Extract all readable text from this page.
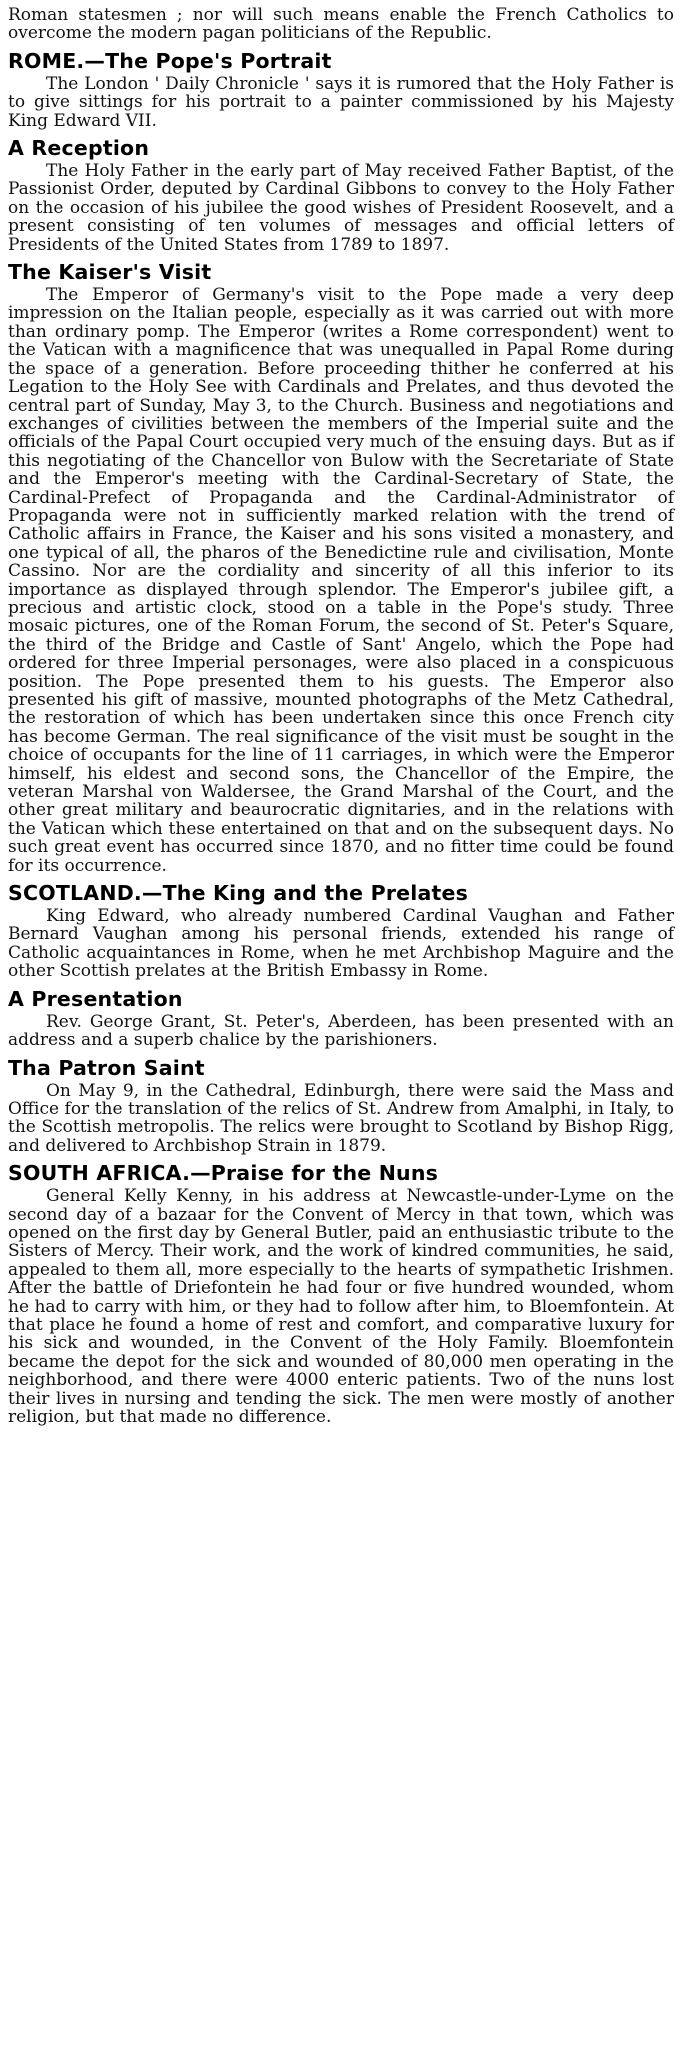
Roman statesmen ; nor will such means enable the French Catholics to overcome the modern pagan politicians of the Republic.

ROME.—The Pope's Portrait

The London ' Daily Chronicle ' says it is rumored that the Holy Father is to give sittings for his portrait to a painter commissioned by his Majesty King Edward VII.

A Reception

The Holy Father in the early part of May received Father Baptist, of the Passionist Order, deputed by Cardinal Gibbons to convey to the Holy Father on the occasion of his jubilee the good wishes of President Roosevelt, and a present consisting of ten volumes of messages and official letters of Presidents of the United States from 1789 to 1897.

The Kaiser's Visit

The Emperor of Germany's visit to the Pope made a very deep impression on the Italian people, especially as it was carried out with more than ordinary pomp. The Emperor (writes a Rome correspondent) went to the Vatican with a magnificence that was unequalled in Papal Rome during the space of a generation. Before proceeding thither he conferred at his Legation to the Holy See with Cardinals and Prelates, and thus devoted the central part of Sunday, May 3, to the Church. Business and negotiations and exchanges of civilities between the members of the Imperial suite and the officials of the Papal Court occupied very much of the ensuing days. But as if this negotiating of the Chancellor von Bulow with the Secretariate of State and the Emperor's meeting with the Cardinal-Secretary of State, the Cardinal-Prefect of Propaganda and the Cardinal-Administrator of Propaganda were not in sufficiently marked relation with the trend of Catholic affairs in France, the Kaiser and his sons visited a monastery, and one typical of all, the pharos of the Benedictine rule and civilisation, Monte Cassino. Nor are the cordiality and sincerity of all this inferior to its importance as displayed through splendor. The Emperor's jubilee gift, a precious and artistic clock, stood on a table in the Pope's study. Three mosaic pictures, one of the Roman Forum, the second of St. Peter's Square, the third of the Bridge and Castle of Sant' Angelo, which the Pope had ordered for three Imperial personages, were also placed in a conspicuous position. The Pope presented them to his guests. The Emperor also presented his gift of massive, mounted photographs of the Metz Cathedral, the restoration of which has been undertaken since this once French city has become German. The real significance of the visit must be sought in the choice of occupants for the line of 11 carriages, in which were the Emperor himself, his eldest and second sons, the Chancellor of the Empire, the veteran Marshal von Waldersee, the Grand Marshal of the Court, and the other great military and beaurocratic dignitaries, and in the relations with the Vatican which these entertained on that and on the subsequent days. No such great event has occurred since 1870, and no fitter time could be found for its occurrence.

SCOTLAND.—The King and the Prelates

King Edward, who already numbered Cardinal Vaughan and Father Bernard Vaughan among his personal friends, extended his range of Catholic acquaintances in Rome, when he met Archbishop Maguire and the other Scottish prelates at the British Embassy in Rome.

A Presentation

Rev. George Grant, St. Peter's, Aberdeen, has been presented with an address and a superb chalice by the parishioners.

Tha Patron Saint

On May 9, in the Cathedral, Edinburgh, there were said the Mass and Office for the translation of the relics of St. Andrew from Amalphi, in Italy, to the Scottish metropolis. The relics were brought to Scotland by Bishop Rigg, and delivered to Archbishop Strain in 1879.

SOUTH AFRICA.—Praise for the Nuns

General Kelly Kenny, in his address at Newcastle-under-Lyme on the second day of a bazaar for the Convent of Mercy in that town, which was opened on the first day by General Butler, paid an enthusiastic tribute to the Sisters of Mercy. Their work, and the work of kindred communities, he said, appealed to them all, more especially to the hearts of sympathetic Irishmen. After the battle of Driefontein he had four or five hundred wounded, whom he had to carry with him, or they had to follow after him, to Bloemfontein. At that place he found a home of rest and comfort, and comparative luxury for his sick and wounded, in the Convent of the Holy Family. Bloemfontein became the depot for the sick and wounded of 80,000 men operating in the neighborhood, and there were 4000 enteric patients. Two of the nuns lost their lives in nursing and tending the sick. The men were mostly of another religion, but that made no difference.
